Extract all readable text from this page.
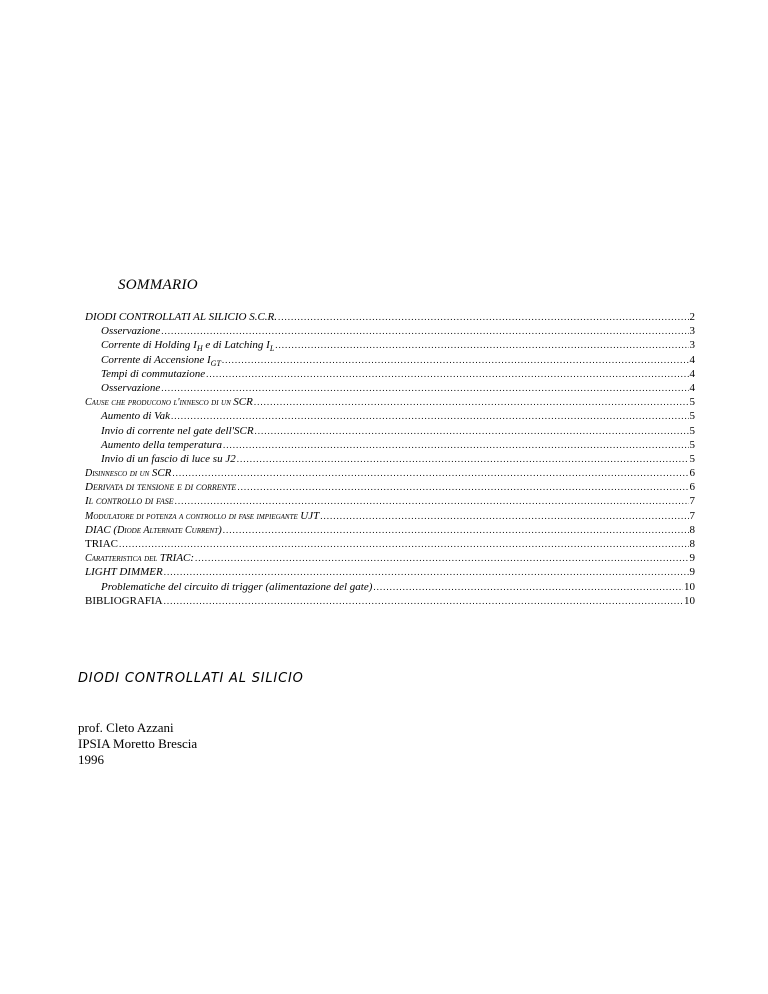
SOMMARIO
DIODI CONTROLLATI AL SILICIO S.C.R. .....	2
Osservazione .....	3
Corrente di Holding $I_H$ e di Latching $I_L$ .....	3
Corrente di Accensione $I_{GT}$ .....	4
Tempi di commutazione .....	4
Osservazione .....	4
Cause che producono l'innesco di un SCR .....	5
Aumento di Vak .....	5
Invio di corrente nel gate dell'SCR .....	5
Aumento della temperatura .....	5
Invio di un fascio di luce su J2 .....	5
Disinnesco di un SCR .....	6
Derivata di tensione e di corrente .....	6
Il controllo di fase .....	7
Modulatore di potenza a controllo di fase impiegante UJT .....	7
DIAC (Diode Alternate Current) .....	8
TRIAC .....	8
Caratteristica del TRIAC: .....	9
LIGHT DIMMER .....	9
Problematiche del circuito di trigger (alimentazione del gate) .....	10
BIBLIOGRAFIA .....	10
DIODI CONTROLLATI AL SILICIO
prof. Cleto Azzani
IPSIA Moretto Brescia
1996
